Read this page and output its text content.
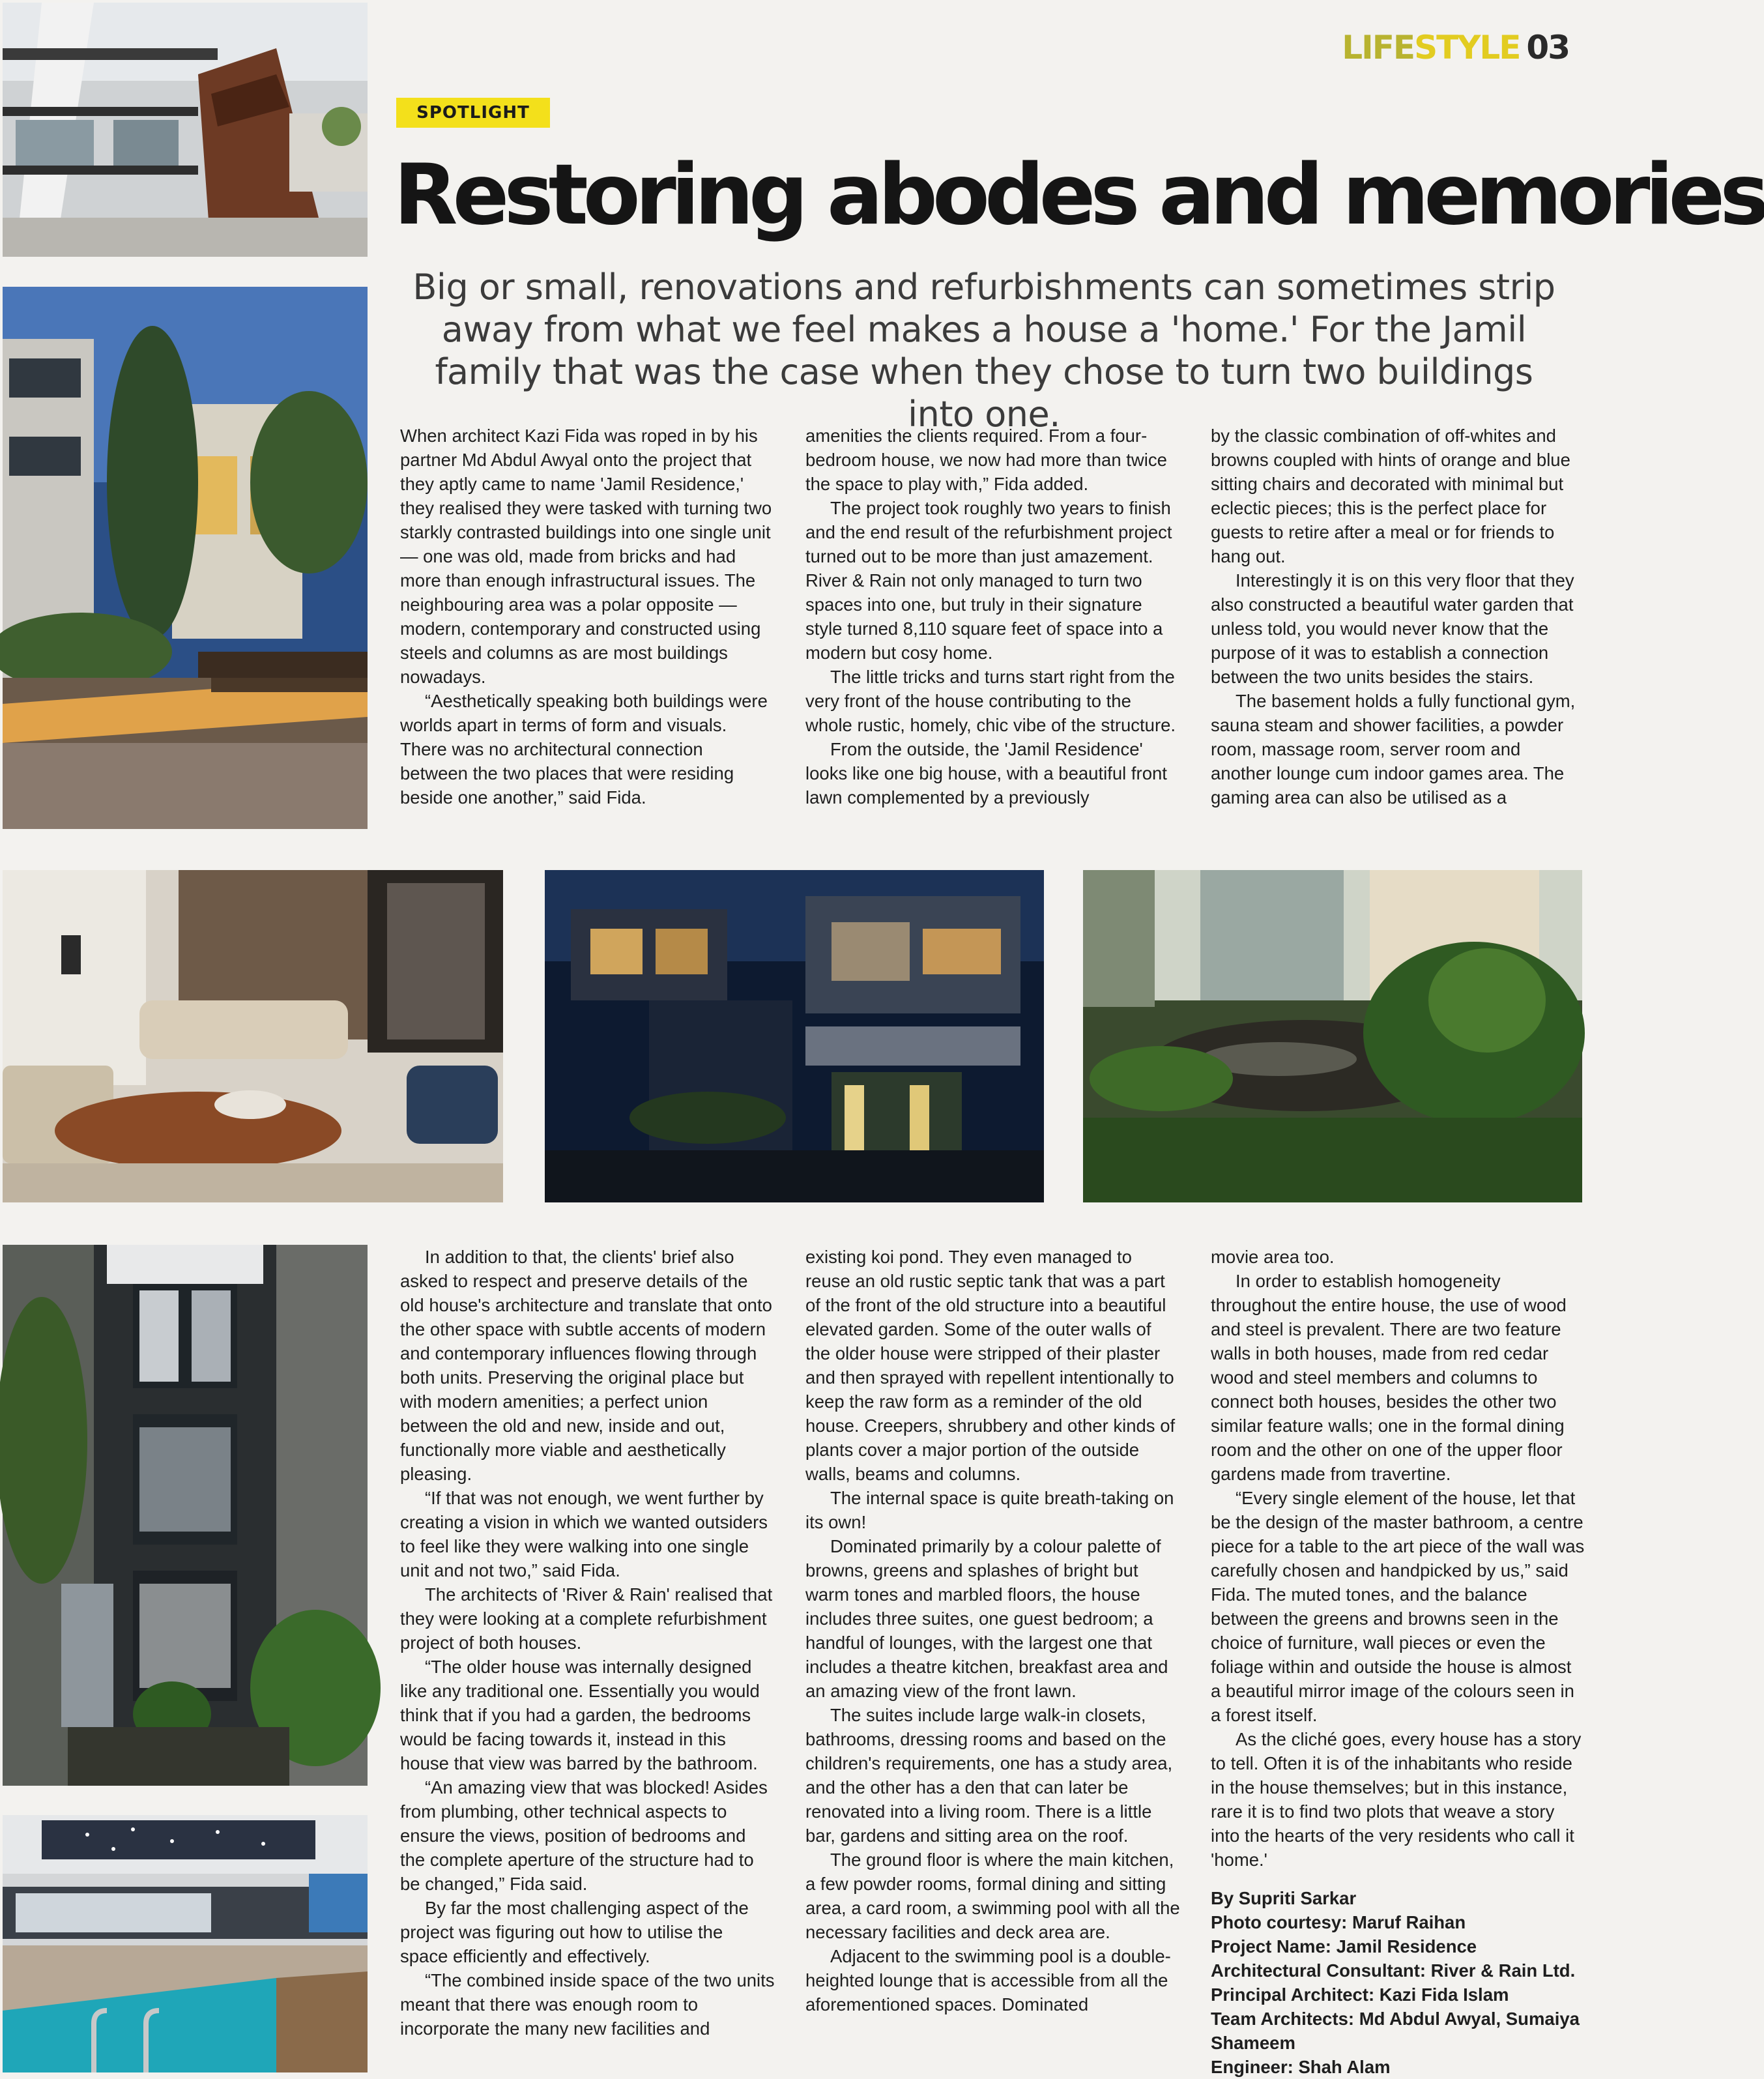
LIFESTYLE 03
SPOTLIGHT
Restoring abodes and memories
Big or small, renovations and refurbishments can sometimes strip away from what we feel makes a house a 'home.' For the Jamil family that was the case when they chose to turn two buildings into one.

When architect Kazi Fida was roped in by his partner Md Abdul Awyal onto the project that they aptly came to name 'Jamil Residence,' they realised they were tasked with turning two starkly contrasted buildings into one single unit — one was old, made from bricks and had more than enough infrastructural issues. The neighbouring area was a polar opposite — modern, contemporary and constructed using steels and columns as are most buildings nowadays.

“Aesthetically speaking both buildings were worlds apart in terms of form and visuals. There was no architectural connection between the two places that were residing beside one another,” said Fida.

amenities the clients required. From a four-bedroom house, we now had more than twice the space to play with,” Fida added.

The project took roughly two years to finish and the end result of the refurbishment project turned out to be more than just amazement. River & Rain not only managed to turn two spaces into one, but truly in their signature style turned 8,110 square feet of space into a modern but cosy home.

The little tricks and turns start right from the very front of the house contributing to the whole rustic, homely, chic vibe of the structure.

From the outside, the 'Jamil Residence' looks like one big house, with a beautiful front lawn complemented by a previously

by the classic combination of off-whites and browns coupled with hints of orange and blue sitting chairs and decorated with minimal but eclectic pieces; this is the perfect place for guests to retire after a meal or for friends to hang out.

Interestingly it is on this very floor that they also constructed a beautiful water garden that unless told, you would never know that the purpose of it was to establish a connection between the two units besides the stairs.

The basement holds a fully functional gym, sauna steam and shower facilities, a powder room, massage room, server room and another lounge cum indoor games area. The gaming area can also be utilised as a

In addition to that, the clients' brief also asked to respect and preserve details of the old house's architecture and translate that onto the other space with subtle accents of modern and contemporary influences flowing through both units. Preserving the original place but with modern amenities; a perfect union between the old and new, inside and out, functionally more viable and aesthetically pleasing.

“If that was not enough, we went further by creating a vision in which we wanted outsiders to feel like they were walking into one single unit and not two,” said Fida.

The architects of 'River & Rain' realised that they were looking at a complete refurbishment project of both houses.

“The older house was internally designed like any traditional one. Essentially you would think that if you had a garden, the bedrooms would be facing towards it, instead in this house that view was barred by the bathroom.

“An amazing view that was blocked! Asides from plumbing, other technical aspects to ensure the views, position of bedrooms and the complete aperture of the structure had to be changed,” Fida said.

By far the most challenging aspect of the project was figuring out how to utilise the space efficiently and effectively.

“The combined inside space of the two units meant that there was enough room to incorporate the many new facilities and

existing koi pond. They even managed to reuse an old rustic septic tank that was a part of the front of the old structure into a beautiful elevated garden. Some of the outer walls of the older house were stripped of their plaster and then sprayed with repellent intentionally to keep the raw form as a reminder of the old house. Creepers, shrubbery and other kinds of plants cover a major portion of the outside walls, beams and columns.

The internal space is quite breath-taking on its own!

Dominated primarily by a colour palette of browns, greens and splashes of bright but warm tones and marbled floors, the house includes three suites, one guest bedroom; a handful of lounges, with the largest one that includes a theatre kitchen, breakfast area and an amazing view of the front lawn.

The suites include large walk-in closets, bathrooms, dressing rooms and based on the children's requirements, one has a study area, and the other has a den that can later be renovated into a living room. There is a little bar, gardens and sitting area on the roof.

The ground floor is where the main kitchen, a few powder rooms, formal dining and sitting area, a card room, a swimming pool with all the necessary facilities and deck area are.

Adjacent to the swimming pool is a double-heighted lounge that is accessible from all the aforementioned spaces. Dominated

movie area too.

In order to establish homogeneity throughout the entire house, the use of wood and steel is prevalent. There are two feature walls in both houses, made from red cedar wood and steel members and columns to connect both houses, besides the other two similar feature walls; one in the formal dining room and the other on one of the upper floor gardens made from travertine.

“Every single element of the house, let that be the design of the master bathroom, a centre piece for a table to the art piece of the wall was carefully chosen and handpicked by us,” said Fida. The muted tones, and the balance between the greens and browns seen in the choice of furniture, wall pieces or even the foliage within and outside the house is almost a beautiful mirror image of the colours seen in a forest itself.

As the cliché goes, every house has a story to tell. Often it is of the inhabitants who reside in the house themselves; but in this instance, rare it is to find two plots that weave a story into the hearts of the very residents who call it 'home.'

By Supriti Sarkar
Photo courtesy: Maruf Raihan
Project Name: Jamil Residence
Architectural Consultant: River & Rain Ltd.
Principal Architect: Kazi Fida Islam
Team Architects: Md Abdul Awyal, Sumaiya Shameem
Engineer: Shah Alam
